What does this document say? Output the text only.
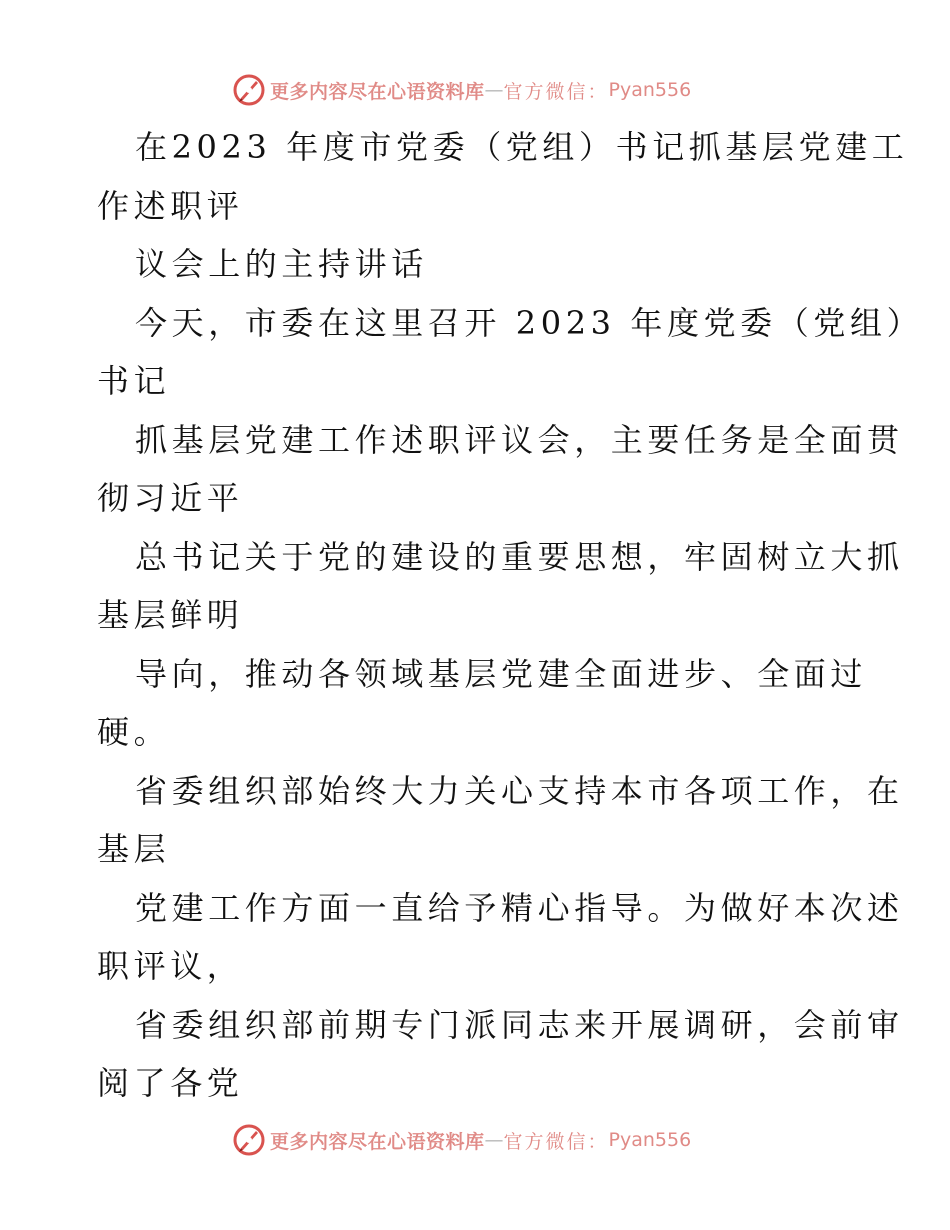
更多内容尽在心语资料库 — 官方微信： Pyan556
在2023 年度市党委（党组）书记抓基层党建工
作述职评
议会上的主持讲话
今天，市委在这里召开 2023 年度党委（党组）
书记
抓基层党建工作述职评议会，主要任务是全面贯
彻习近平
总书记关于党的建设的重要思想，牢固树立大抓
基层鲜明
导向，推动各领域基层党建全面进步、全面过
硬。
省委组织部始终大力关心支持本市各项工作，在
基层
党建工作方面一直给予精心指导。为做好本次述
职评议，
省委组织部前期专门派同志来开展调研，会前审
阅了各党
更多内容尽在心语资料库 — 官方微信： Pyan556
